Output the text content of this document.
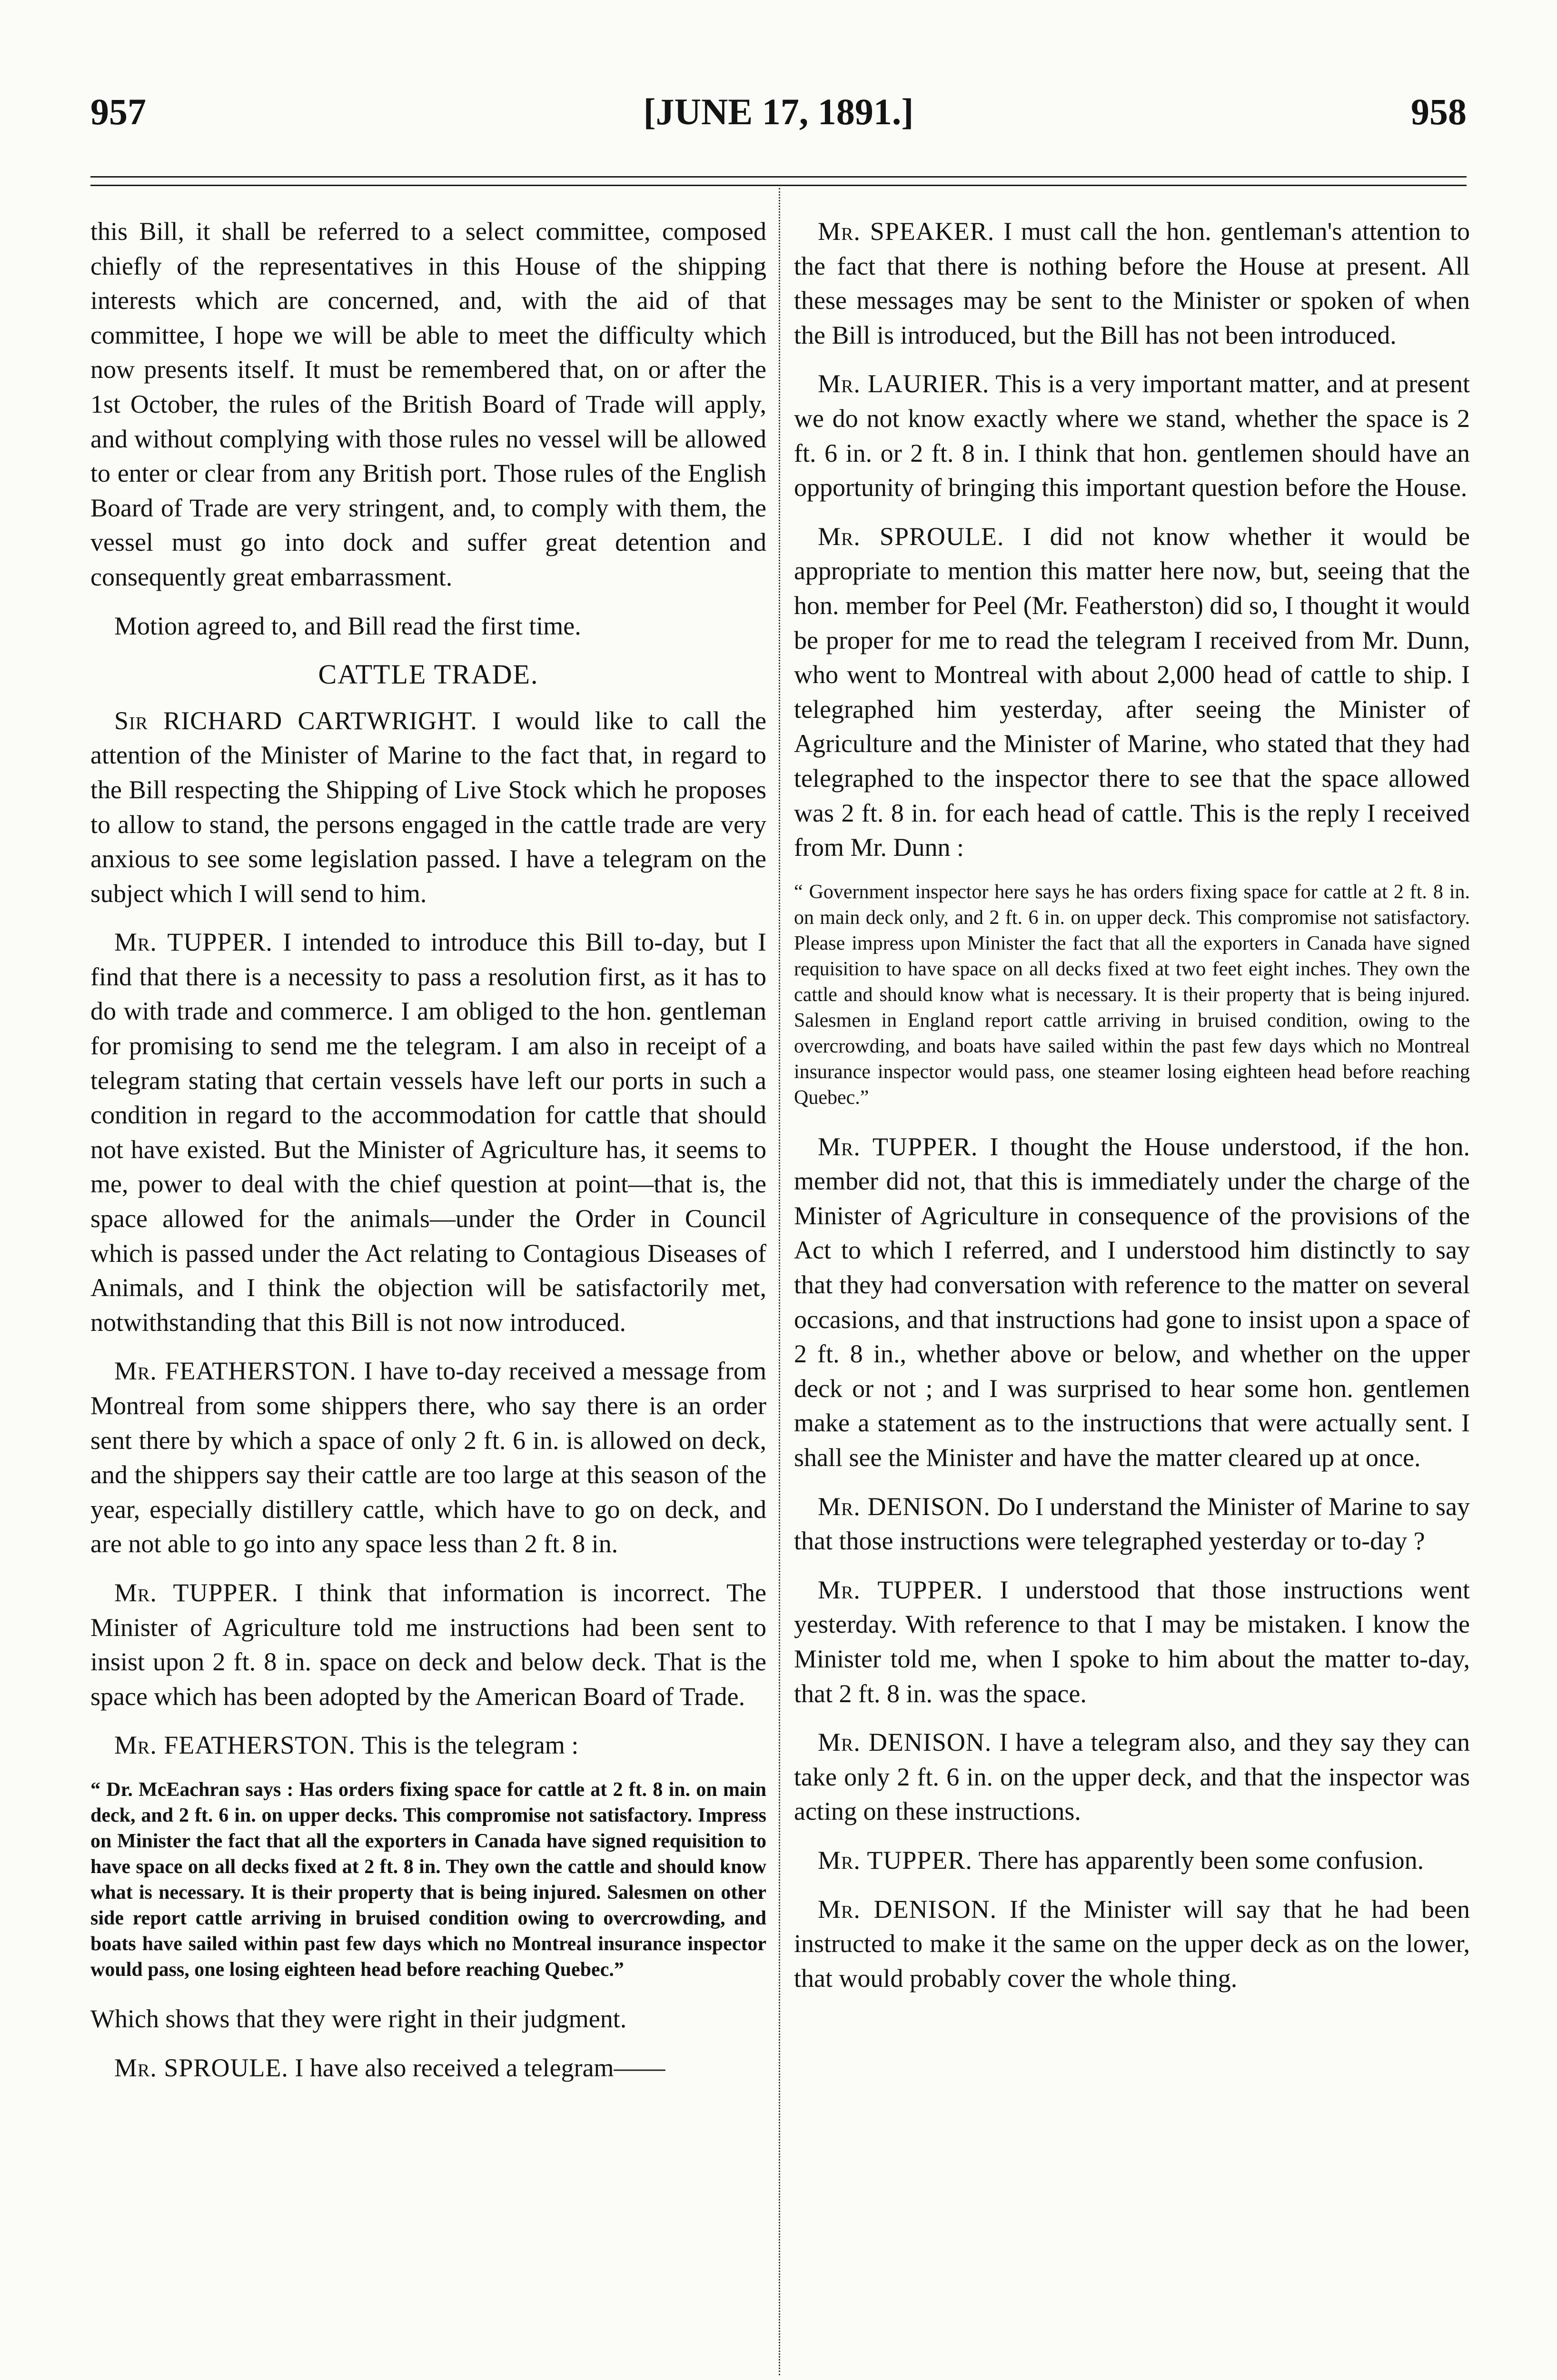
957	[JUNE 17, 1891.]	958

this Bill, it shall be referred to a select committee, composed chiefly of the representatives in this House of the shipping interests which are concerned, and, with the aid of that committee, I hope we will be able to meet the difficulty which now presents itself. It must be remembered that, on or after the 1st October, the rules of the British Board of Trade will apply, and without complying with those rules no vessel will be allowed to enter or clear from any British port. Those rules of the English Board of Trade are very stringent, and, to comply with them, the vessel must go into dock and suffer great detention and consequently great embarrassment.

Motion agreed to, and Bill read the first time.

CATTLE TRADE.

Sir RICHARD CARTWRIGHT. I would like to call the attention of the Minister of Marine to the fact that, in regard to the Bill respecting the Shipping of Live Stock which he proposes to allow to stand, the persons engaged in the cattle trade are very anxious to see some legislation passed. I have a telegram on the subject which I will send to him.

Mr. TUPPER. I intended to introduce this Bill to-day, but I find that there is a necessity to pass a resolution first, as it has to do with trade and commerce. I am obliged to the hon. gentleman for promising to send me the telegram. I am also in receipt of a telegram stating that certain vessels have left our ports in such a condition in regard to the accommodation for cattle that should not have existed. But the Minister of Agriculture has, it seems to me, power to deal with the chief question at point—that is, the space allowed for the animals—under the Order in Council which is passed under the Act relating to Contagious Diseases of Animals, and I think the objection will be satisfactorily met, notwithstanding that this Bill is not now introduced.

Mr. FEATHERSTON. I have to-day received a message from Montreal from some shippers there, who say there is an order sent there by which a space of only 2 ft. 6 in. is allowed on deck, and the shippers say their cattle are too large at this season of the year, especially distillery cattle, which have to go on deck, and are not able to go into any space less than 2 ft. 8 in.

Mr. TUPPER. I think that information is incorrect. The Minister of Agriculture told me instructions had been sent to insist upon 2 ft. 8 in. space on deck and below deck. That is the space which has been adopted by the American Board of Trade.

Mr. FEATHERSTON. This is the telegram :

“ Dr. McEachran says : Has orders fixing space for cattle at 2 ft. 8 in. on main deck, and 2 ft. 6 in. on upper decks. This compromise not satisfactory. Impress on Minister the fact that all the exporters in Canada have signed requisition to have space on all decks fixed at 2 ft. 8 in. They own the cattle and should know what is necessary. It is their property that is being injured. Salesmen on other side report cattle arriving in bruised condition owing to overcrowding, and boats have sailed within past few days which no Montreal insurance inspector would pass, one losing eighteen head before reaching Quebec.”

Which shows that they were right in their judgment.

Mr. SPROULE. I have also received a telegram——

Mr. SPEAKER. I must call the hon. gentleman's attention to the fact that there is nothing before the House at present. All these messages may be sent to the Minister or spoken of when the Bill is introduced, but the Bill has not been introduced.

Mr. LAURIER. This is a very important matter, and at present we do not know exactly where we stand, whether the space is 2 ft. 6 in. or 2 ft. 8 in. I think that hon. gentlemen should have an opportunity of bringing this important question before the House.

Mr. SPROULE. I did not know whether it would be appropriate to mention this matter here now, but, seeing that the hon. member for Peel (Mr. Featherston) did so, I thought it would be proper for me to read the telegram I received from Mr. Dunn, who went to Montreal with about 2,000 head of cattle to ship. I telegraphed him yesterday, after seeing the Minister of Agriculture and the Minister of Marine, who stated that they had telegraphed to the inspector there to see that the space allowed was 2 ft. 8 in. for each head of cattle. This is the reply I received from Mr. Dunn :

“ Government inspector here says he has orders fixing space for cattle at 2 ft. 8 in. on main deck only, and 2 ft. 6 in. on upper deck. This compromise not satisfactory. Please impress upon Minister the fact that all the exporters in Canada have signed requisition to have space on all decks fixed at two feet eight inches. They own the cattle and should know what is necessary. It is their property that is being injured. Salesmen in England report cattle arriving in bruised condition, owing to the overcrowding, and boats have sailed within the past few days which no Montreal insurance inspector would pass, one steamer losing eighteen head before reaching Quebec.”

Mr. TUPPER. I thought the House understood, if the hon. member did not, that this is immediately under the charge of the Minister of Agriculture in consequence of the provisions of the Act to which I referred, and I understood him distinctly to say that they had conversation with reference to the matter on several occasions, and that instructions had gone to insist upon a space of 2 ft. 8 in., whether above or below, and whether on the upper deck or not ; and I was surprised to hear some hon. gentlemen make a statement as to the instructions that were actually sent. I shall see the Minister and have the matter cleared up at once.

Mr. DENISON. Do I understand the Minister of Marine to say that those instructions were telegraphed yesterday or to-day ?

Mr. TUPPER. I understood that those instructions went yesterday. With reference to that I may be mistaken. I know the Minister told me, when I spoke to him about the matter to-day, that 2 ft. 8 in. was the space.

Mr. DENISON. I have a telegram also, and they say they can take only 2 ft. 6 in. on the upper deck, and that the inspector was acting on these instructions.

Mr. TUPPER. There has apparently been some confusion.

Mr. DENISON. If the Minister will say that he had been instructed to make it the same on the upper deck as on the lower, that would probably cover the whole thing.
